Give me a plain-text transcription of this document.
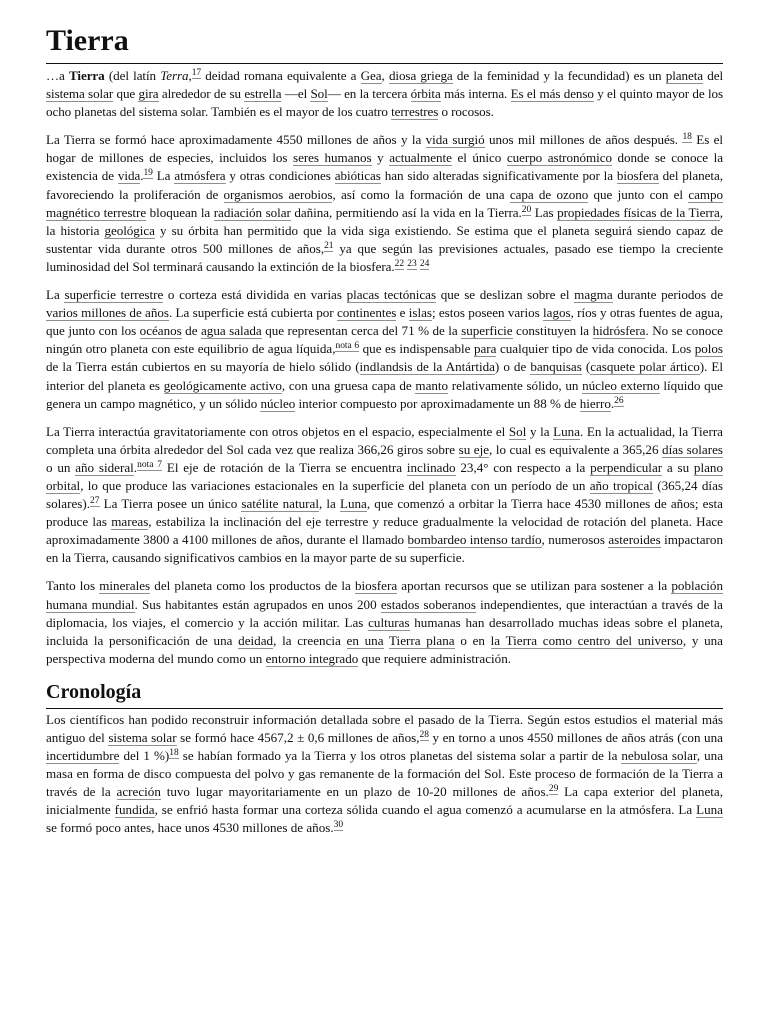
Tierra

…a Tierra (del latín Terra,$^{17}$ deidad romana equivalente a Gea, diosa griega de la feminidad y la fecundidad) es un planeta del sistema solar que gira alrededor de su estrella —el Sol— en la tercera órbita más interna. Es el más denso y el quinto mayor de los ocho planetas del sistema solar. También es el mayor de los cuatro terrestres o rocosos.

La Tierra se formó hace aproximadamente 4550 millones de años y la vida surgió unos mil millones de años después. $^{18}$ Es el hogar de millones de especies, incluidos los seres humanos y actualmente el único cuerpo astronómico donde se conoce la existencia de vida.$^{19}$ La atmósfera y otras condiciones abióticas han sido alteradas significativamente por la biosfera del planeta, favoreciendo la proliferación de organismos aerobios, así como la formación de una capa de ozono que junto con el campo magnético terrestre bloquean la radiación solar dañina, permitiendo así la vida en la Tierra.$^{20}$ Las propiedades físicas de la Tierra, la historia geológica y su órbita han permitido que la vida siga existiendo. Se estima que el planeta seguirá siendo capaz de sustentar vida durante otros 500 millones de años,$^{21}$ ya que según las previsiones actuales, pasado ese tiempo la creciente luminosidad del Sol terminará causando la extinción de la biosfera.$^{22}$ $^{23}$ $^{24}$

La superficie terrestre o corteza está dividida en varias placas tectónicas que se deslizan sobre el magma durante periodos de varios millones de años. La superficie está cubierta por continentes e islas; estos poseen varios lagos, ríos y otras fuentes de agua, que junto con los océanos de agua salada que representan cerca del 71 % de la superficie constituyen la hidrósfera. No se conoce ningún otro planeta con este equilibrio de agua líquida,$^{nota 6}$ que es indispensable para cualquier tipo de vida conocida. Los polos de la Tierra están cubiertos en su mayoría de hielo sólido (indlandsis de la Antártida) o de banquisas (casquete polar ártico). El interior del planeta es geológicamente activo, con una gruesa capa de manto relativamente sólido, un núcleo externo líquido que genera un campo magnético, y un sólido núcleo interior compuesto por aproximadamente un 88 % de hierro.$^{26}$

La Tierra interactúa gravitatoriamente con otros objetos en el espacio, especialmente el Sol y la Luna. En la actualidad, la Tierra completa una órbita alrededor del Sol cada vez que realiza 366,26 giros sobre su eje, lo cual es equivalente a 365,26 días solares o un año sideral.$^{nota 7}$ El eje de rotación de la Tierra se encuentra inclinado 23,4° con respecto a la perpendicular a su plano orbital, lo que produce las variaciones estacionales en la superficie del planeta con un período de un año tropical (365,24 días solares).$^{27}$ La Tierra posee un único satélite natural, la Luna, que comenzó a orbitar la Tierra hace 4530 millones de años; esta produce las mareas, estabiliza la inclinación del eje terrestre y reduce gradualmente la velocidad de rotación del planeta. Hace aproximadamente 3800 a 4100 millones de años, durante el llamado bombardeo intenso tardío, numerosos asteroides impactaron en la Tierra, causando significativos cambios en la mayor parte de su superficie.

Tanto los minerales del planeta como los productos de la biosfera aportan recursos que se utilizan para sostener a la población humana mundial. Sus habitantes están agrupados en unos 200 estados soberanos independientes, que interactúan a través de la diplomacia, los viajes, el comercio y la acción militar. Las culturas humanas han desarrollado muchas ideas sobre el planeta, incluida la personificación de una deidad, la creencia en una Tierra plana o en la Tierra como centro del universo, y una perspectiva moderna del mundo como un entorno integrado que requiere administración.

Cronología

Los científicos han podido reconstruir información detallada sobre el pasado de la Tierra. Según estos estudios el material más antiguo del sistema solar se formó hace 4567,2 ± 0,6 millones de años,$^{28}$ y en torno a unos 4550 millones de años atrás (con una incertidumbre del 1 %)$^{18}$ se habían formado ya la Tierra y los otros planetas del sistema solar a partir de la nebulosa solar, una masa en forma de disco compuesta del polvo y gas remanente de la formación del Sol. Este proceso de formación de la Tierra a través de la acreción tuvo lugar mayoritariamente en un plazo de 10-20 millones de años.$^{29}$ La capa exterior del planeta, inicialmente fundida, se enfrió hasta formar una corteza sólida cuando el agua comenzó a acumularse en la atmósfera. La Luna se formó poco antes, hace unos 4530 millones de años.$^{30}$
